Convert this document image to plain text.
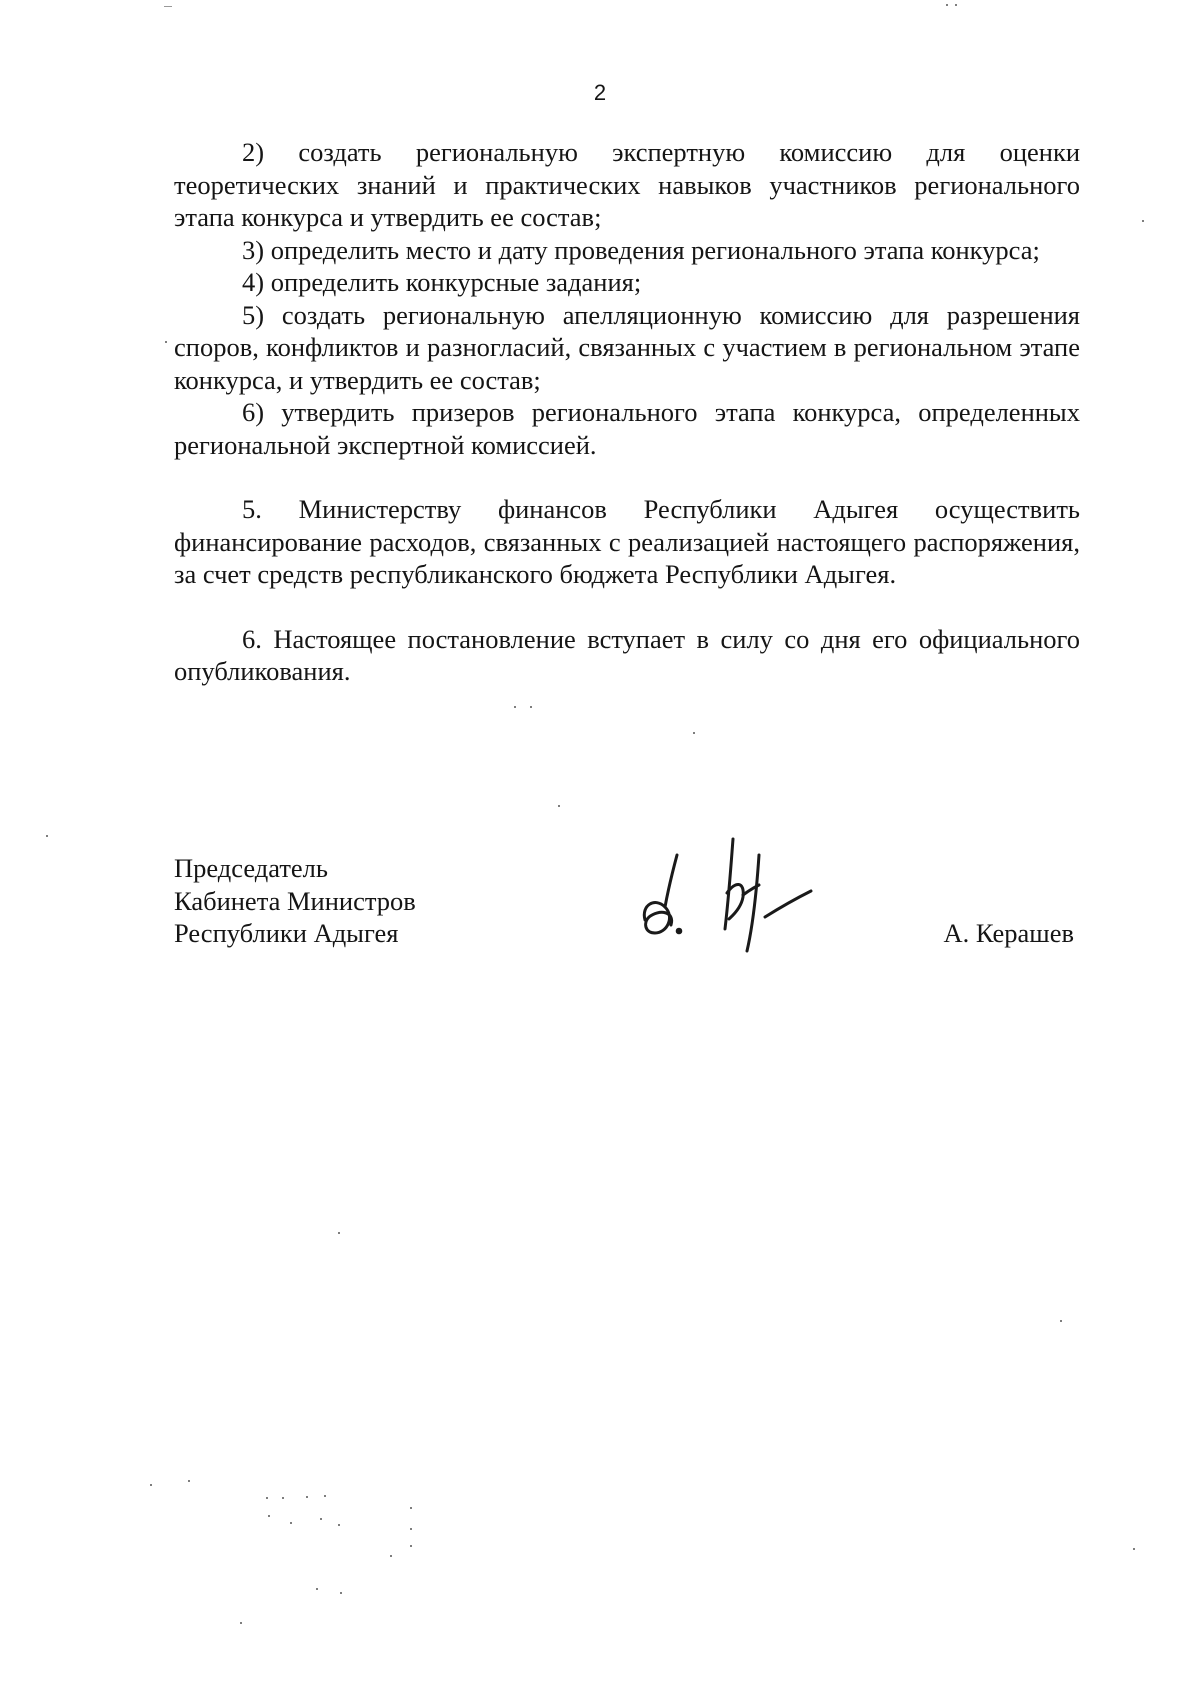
2

2) создать региональную экспертную комиссию для оценки теоретических знаний и практических навыков участников регионального этапа конкурса и утвердить ее состав;

3) определить место и дату проведения регионального этапа конкурса;

4) определить конкурсные задания;

5) создать региональную апелляционную комиссию для разрешения споров, конфликтов и разногласий, связанных с участием в региональном этапе конкурса, и утвердить ее состав;

6) утвердить призеров регионального этапа конкурса, определенных региональной экспертной комиссией.

5. Министерству финансов Республики Адыгея осуществить финансирование расходов, связанных с реализацией настоящего распоряжения, за счет средств республиканского бюджета Республики Адыгея.

6. Настоящее постановление вступает в силу со дня его официального опубликования.

Председатель
Кабинета Министров
Республики Адыгея	А. Керашев
